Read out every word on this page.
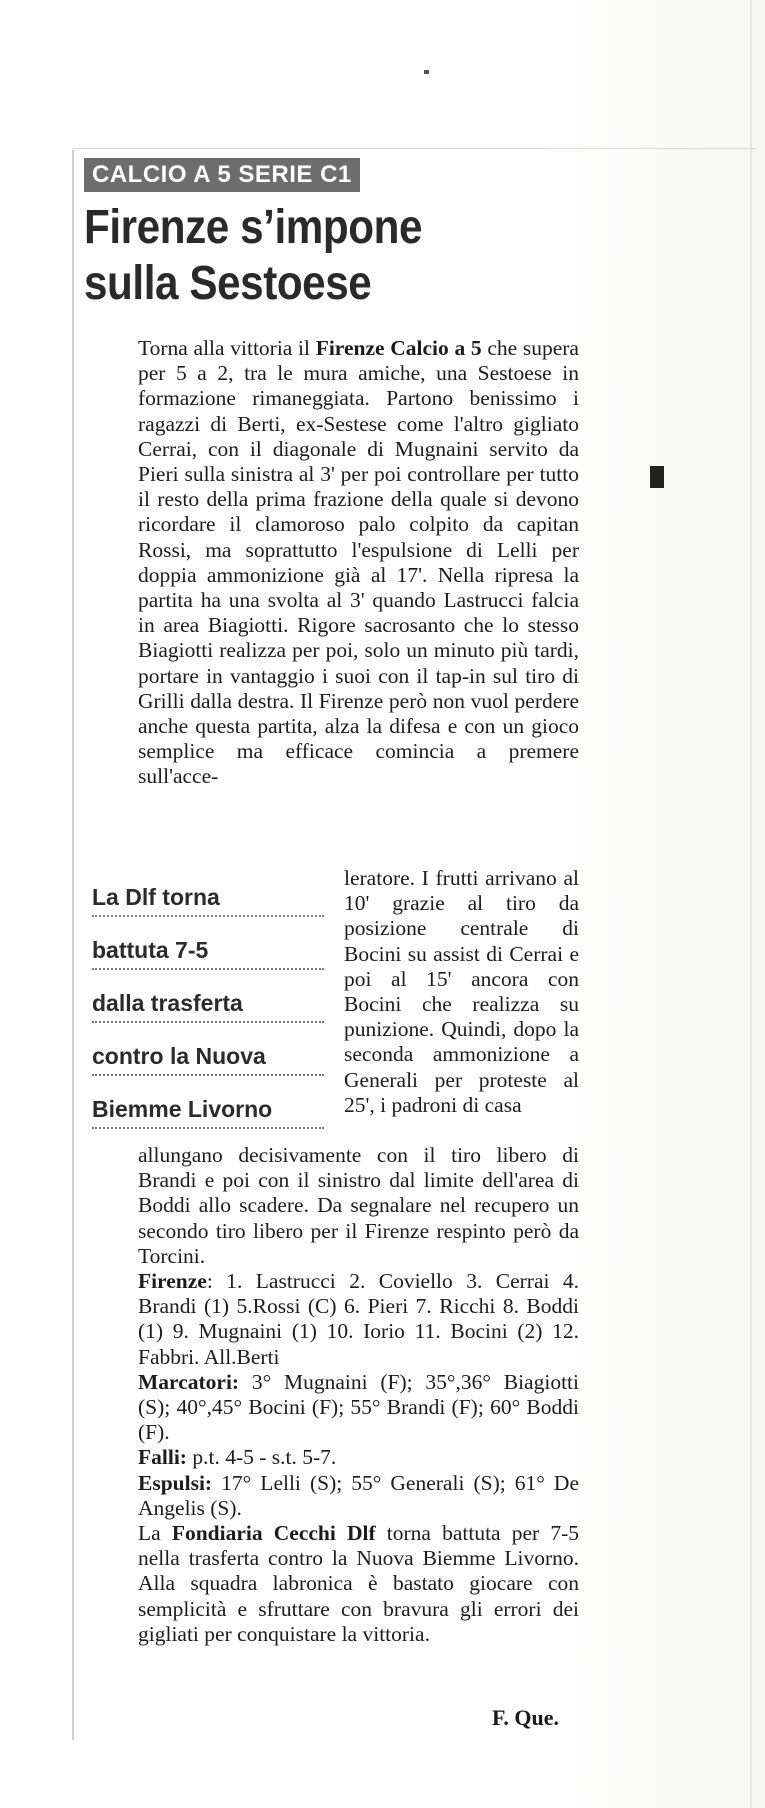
CALCIO A 5 SERIE C1
Firenze s’impone
sulla Sestoese

Torna alla vittoria il Firenze Calcio a 5 che supera per 5 a 2, tra le mura amiche, una Sestoese in formazione rimaneggiata. Partono benissimo i ragazzi di Berti, ex-Sestese come l'altro gigliato Cerrai, con il diagonale di Mugnaini servito da Pieri sulla sinistra al 3' per poi controllare per tutto il resto della prima frazione della quale si devono ricordare il clamoroso palo colpito da capitan Rossi, ma soprattutto l'espulsione di Lelli per doppia ammonizione già al 17'. Nella ripresa la partita ha una svolta al 3' quando Lastrucci falcia in area Biagiotti. Rigore sacrosanto che lo stesso Biagiotti realizza per poi, solo un minuto più tardi, portare in vantaggio i suoi con il tap-in sul tiro di Grilli dalla destra. Il Firenze però non vuol perdere anche questa partita, alza la difesa e con un gioco semplice ma efficace comincia a premere sull'acce-

La Dlf torna
battuta 7-5
dalla trasferta
contro la Nuova
Biemme Livorno

leratore. I frutti arrivano al 10' grazie al tiro da posizione centrale di Bocini su assist di Cerrai e poi al 15' ancora con Bocini che realizza su punizione. Quindi, dopo la seconda ammonizione a Generali per proteste al 25', i padroni di casa

allungano decisivamente con il tiro libero di Brandi e poi con il sinistro dal limite dell'area di Boddi allo scadere. Da segnalare nel recupero un secondo tiro libero per il Firenze respinto però da Torcini.

Firenze: 1. Lastrucci 2. Coviello 3. Cerrai 4. Brandi (1) 5.Rossi (C) 6. Pieri 7. Ricchi 8. Boddi (1) 9. Mugnaini (1) 10. Iorio 11. Bocini (2) 12. Fabbri. All.Berti

Marcatori: 3° Mugnaini (F); 35°,36° Biagiotti (S); 40°,45° Bocini (F); 55° Brandi (F); 60° Boddi (F).

Falli: p.t. 4-5 - s.t. 5-7.

Espulsi: 17° Lelli (S); 55° Generali (S); 61° De Angelis (S).

La Fondiaria Cecchi Dlf torna battuta per 7-5 nella trasferta contro la Nuova Biemme Livorno. Alla squadra labronica è bastato giocare con semplicità e sfruttare con bravura gli errori dei gigliati per conquistare la vittoria.

F. Que.
